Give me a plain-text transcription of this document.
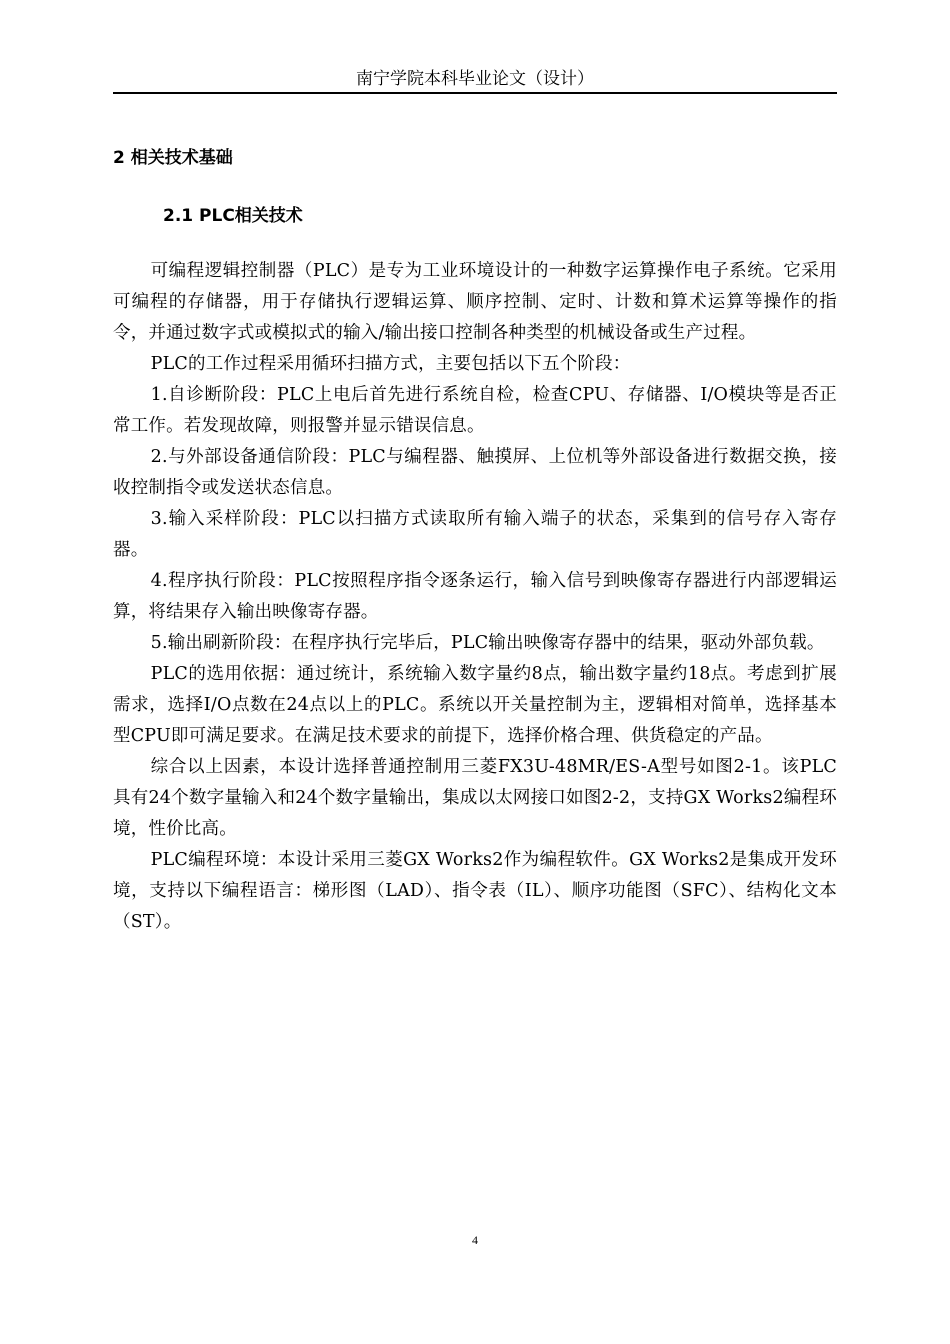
南宁学院本科毕业论文（设计）
2 相关技术基础
2.1 PLC相关技术

可编程逻辑控制器（PLC）是专为工业环境设计的一种数字运算操作电子系统。它采用可编程的存储器，用于存储执行逻辑运算、顺序控制、定时、计数和算术运算等操作的指令，并通过数字式或模拟式的输入/输出接口控制各种类型的机械设备或生产过程。

PLC的工作过程采用循环扫描方式，主要包括以下五个阶段：

1.自诊断阶段：PLC上电后首先进行系统自检，检查CPU、存储器、I/O模块等是否正常工作。若发现故障，则报警并显示错误信息。

2.与外部设备通信阶段：PLC与编程器、触摸屏、上位机等外部设备进行数据交换，接收控制指令或发送状态信息。

3.输入采样阶段：PLC以扫描方式读取所有输入端子的状态，采集到的信号存入寄存器。

4.程序执行阶段：PLC按照程序指令逐条运行，输入信号到映像寄存器进行内部逻辑运算，将结果存入输出映像寄存器。

5.输出刷新阶段：在程序执行完毕后，PLC输出映像寄存器中的结果，驱动外部负载。

PLC的选用依据：通过统计，系统输入数字量约8点，输出数字量约18点。考虑到扩展需求，选择I/O点数在24点以上的PLC。系统以开关量控制为主，逻辑相对简单，选择基本型CPU即可满足要求。在满足技术要求的前提下，选择价格合理、供货稳定的产品。

综合以上因素，本设计选择普通控制用三菱FX3U-48MR/ES-A型号如图2-1。该PLC具有24个数字量输入和24个数字量输出，集成以太网接口如图2-2，支持GX Works2编程环境，性价比高。

PLC编程环境：本设计采用三菱GX Works2作为编程软件。GX Works2是集成开发环境，支持以下编程语言：梯形图（LAD）、指令表（IL）、顺序功能图（SFC）、结构化文本（ST）。

4
